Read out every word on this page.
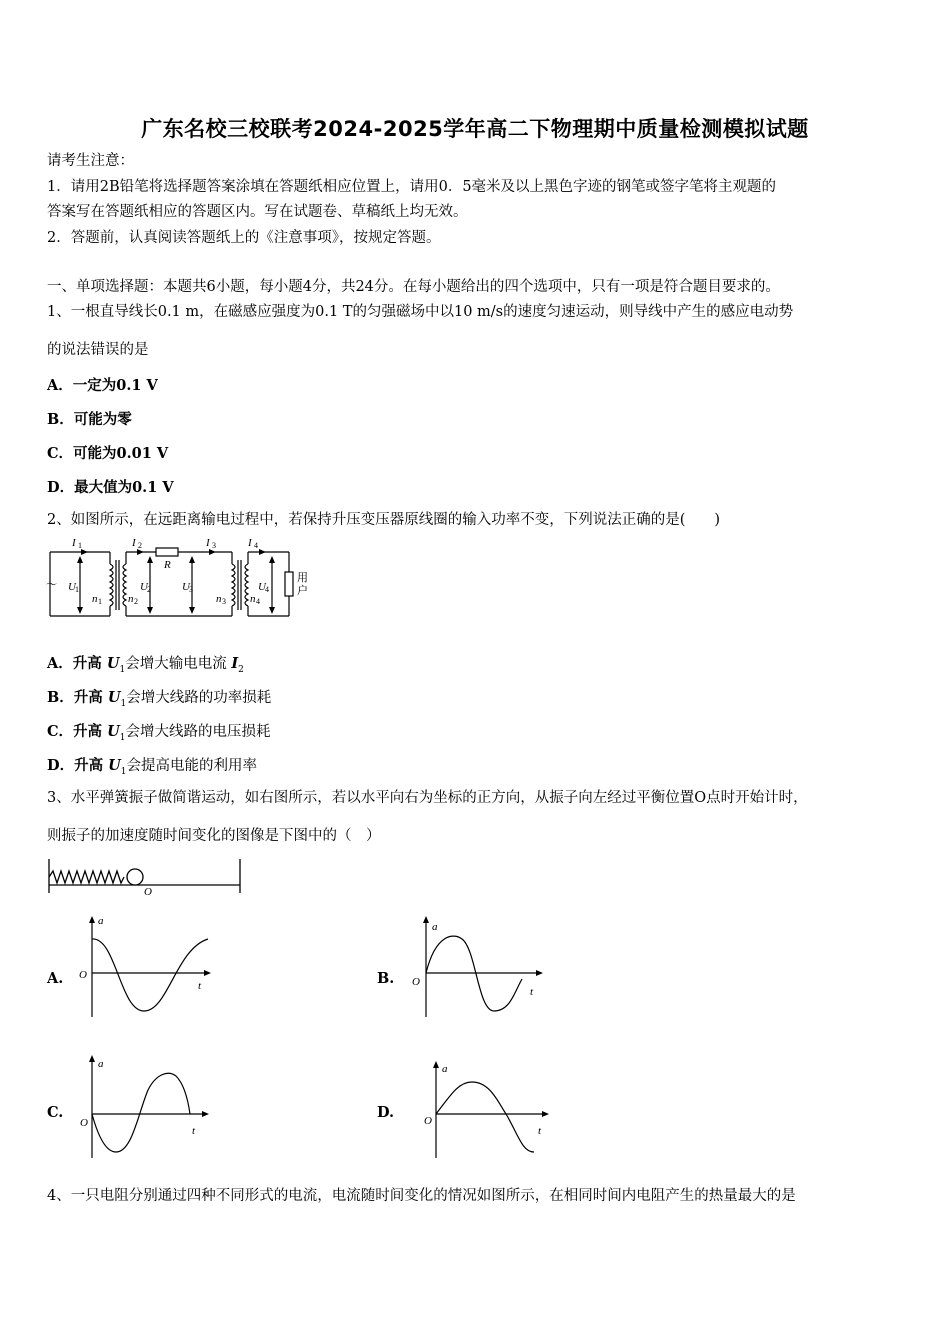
广东名校三校联考2024-2025学年高二下物理期中质量检测模拟试题
请考生注意：
1．请用2B铅笔将选择题答案涂填在答题纸相应位置上，请用0．5毫米及以上黑色字迹的钢笔或签字笔将主观题的
答案写在答题纸相应的答题区内。写在试题卷、草稿纸上均无效。
2．答题前，认真阅读答题纸上的《注意事项》，按规定答题。
一、单项选择题：本题共6小题，每小题4分，共24分。在每小题给出的四个选项中，只有一项是符合题目要求的。
1、一根直导线长0.1 m，在磁感应强度为0.1 T的匀强磁场中以10 m/s的速度匀速运动，则导线中产生的感应电动势
的说法错误的是
A．一定为0.1 V
B．可能为零
C．可能为0.01 V
D．最大值为0.1 V
2、如图所示，在远距离输电过程中，若保持升压变压器原线圈的输入功率不变，下列说法正确的是(　　)
～
I 1	I 2	I 3	I 4
R
U 1	U 2	U 3	U 4
n 1 n 2	n 3 n 4
用
户
A．升高 $U_1$会增大输电电流 $I_2$
B．升高 $U_1$会增大线路的功率损耗
C．升高 $U_1$会增大线路的电压损耗
D．升高 $U_1$会提高电能的利用率
3、水平弹簧振子做简谐运动，如右图所示，若以水平向右为坐标的正方向，从振子向左经过平衡位置O点时开始计时，
则振子的加速度随时间变化的图像是下图中的（　）
O
A.
a
t
O	B.
a
t
O
C.
a
t
O
D.
a
t
O
4、一只电阻分别通过四种不同形式的电流，电流随时间变化的情况如图所示，在相同时间内电阻产生的热量最大的是
